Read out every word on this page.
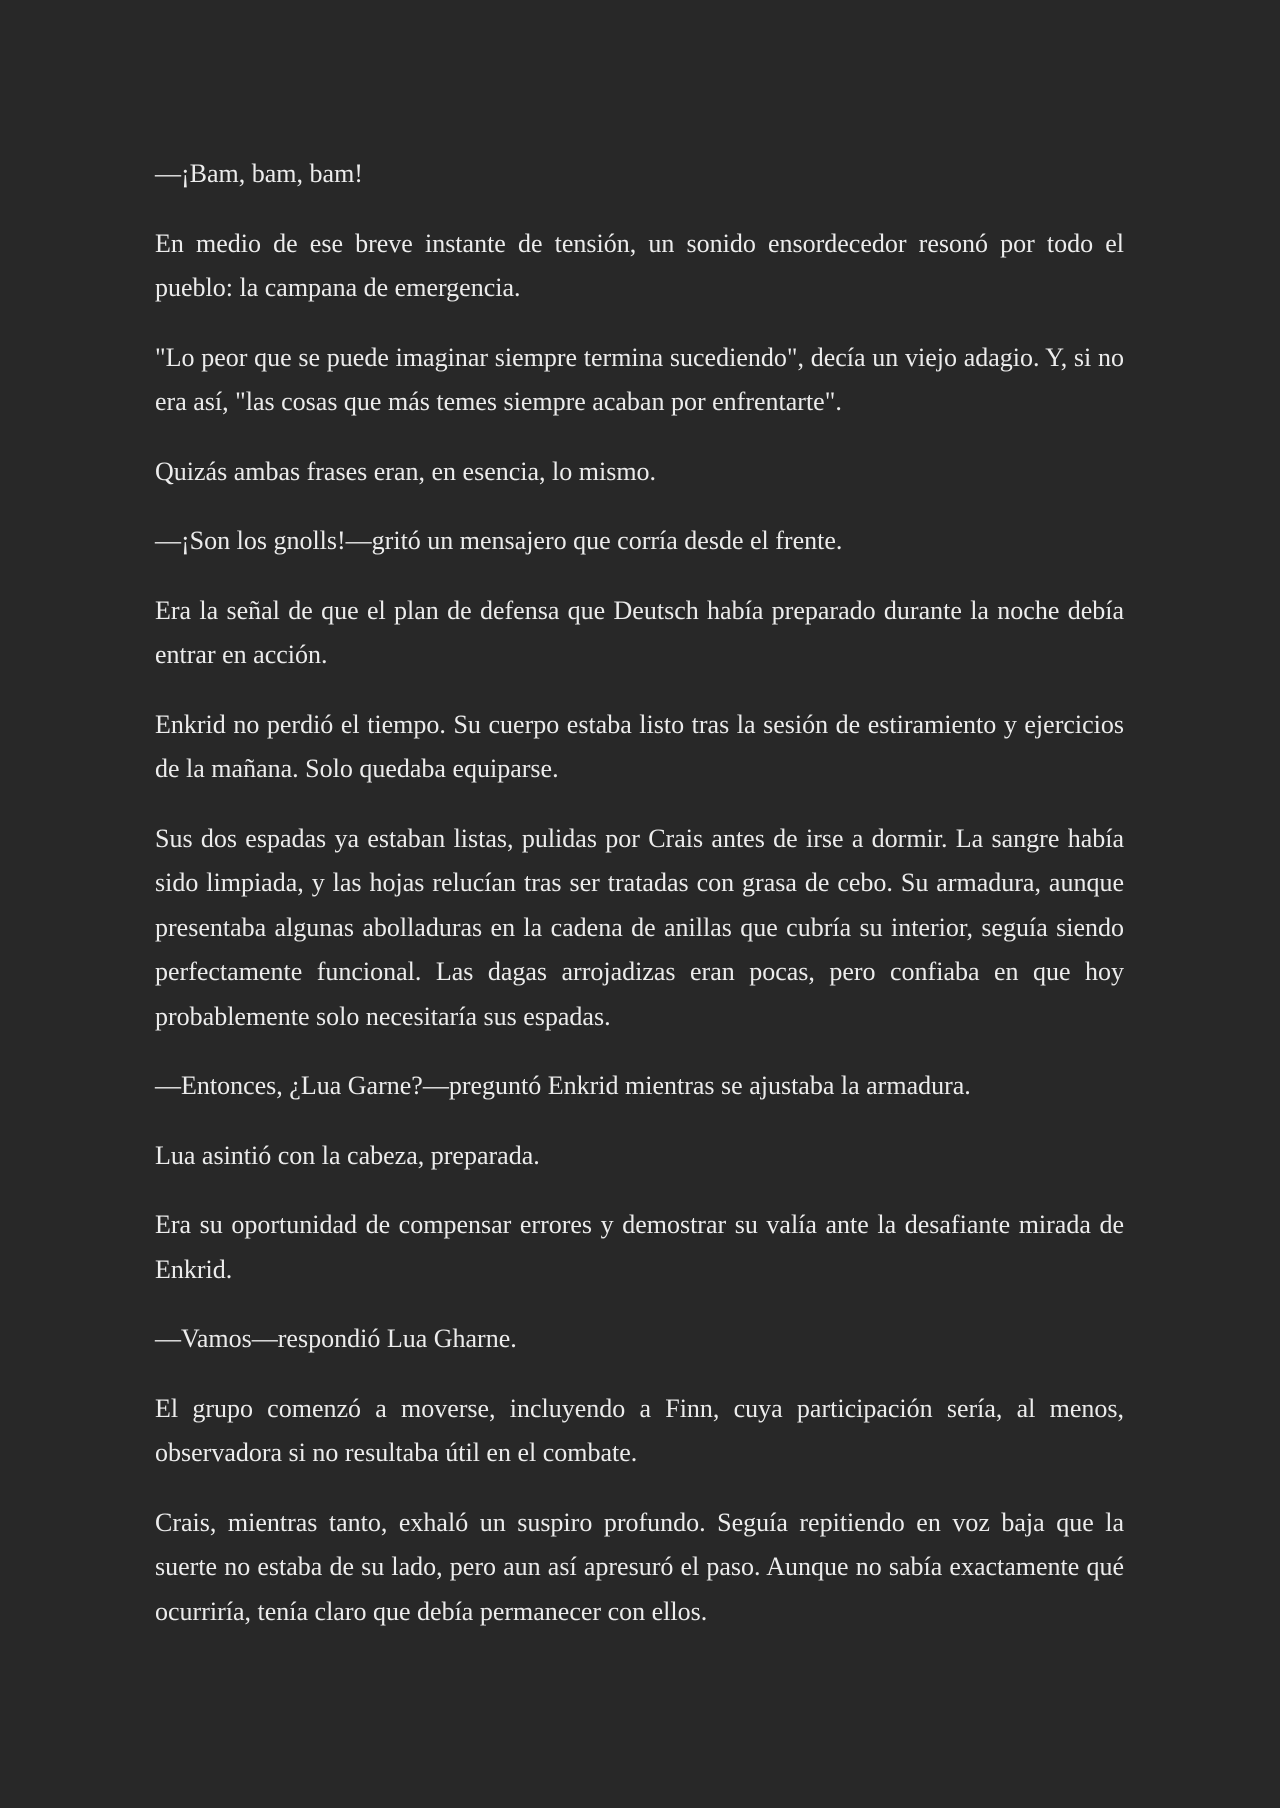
—¡Bam, bam, bam!

En medio de ese breve instante de tensión, un sonido ensordecedor resonó por todo el pueblo: la campana de emergencia.

"Lo peor que se puede imaginar siempre termina sucediendo", decía un viejo adagio. Y, si no era así, "las cosas que más temes siempre acaban por enfrentarte".

Quizás ambas frases eran, en esencia, lo mismo.

—¡Son los gnolls!—gritó un mensajero que corría desde el frente.

Era la señal de que el plan de defensa que Deutsch había preparado durante la noche debía entrar en acción.

Enkrid no perdió el tiempo. Su cuerpo estaba listo tras la sesión de estiramiento y ejercicios de la mañana. Solo quedaba equiparse.

Sus dos espadas ya estaban listas, pulidas por Crais antes de irse a dormir. La sangre había sido limpiada, y las hojas relucían tras ser tratadas con grasa de cebo. Su armadura, aunque presentaba algunas abolladuras en la cadena de anillas que cubría su interior, seguía siendo perfectamente funcional. Las dagas arrojadizas eran pocas, pero confiaba en que hoy probablemente solo necesitaría sus espadas.

—Entonces, ¿Lua Garne?—preguntó Enkrid mientras se ajustaba la armadura.

Lua asintió con la cabeza, preparada.

Era su oportunidad de compensar errores y demostrar su valía ante la desafiante mirada de Enkrid.

—Vamos—respondió Lua Gharne.

El grupo comenzó a moverse, incluyendo a Finn, cuya participación sería, al menos, observadora si no resultaba útil en el combate.

Crais, mientras tanto, exhaló un suspiro profundo. Seguía repitiendo en voz baja que la suerte no estaba de su lado, pero aun así apresuró el paso. Aunque no sabía exactamente qué ocurriría, tenía claro que debía permanecer con ellos.
